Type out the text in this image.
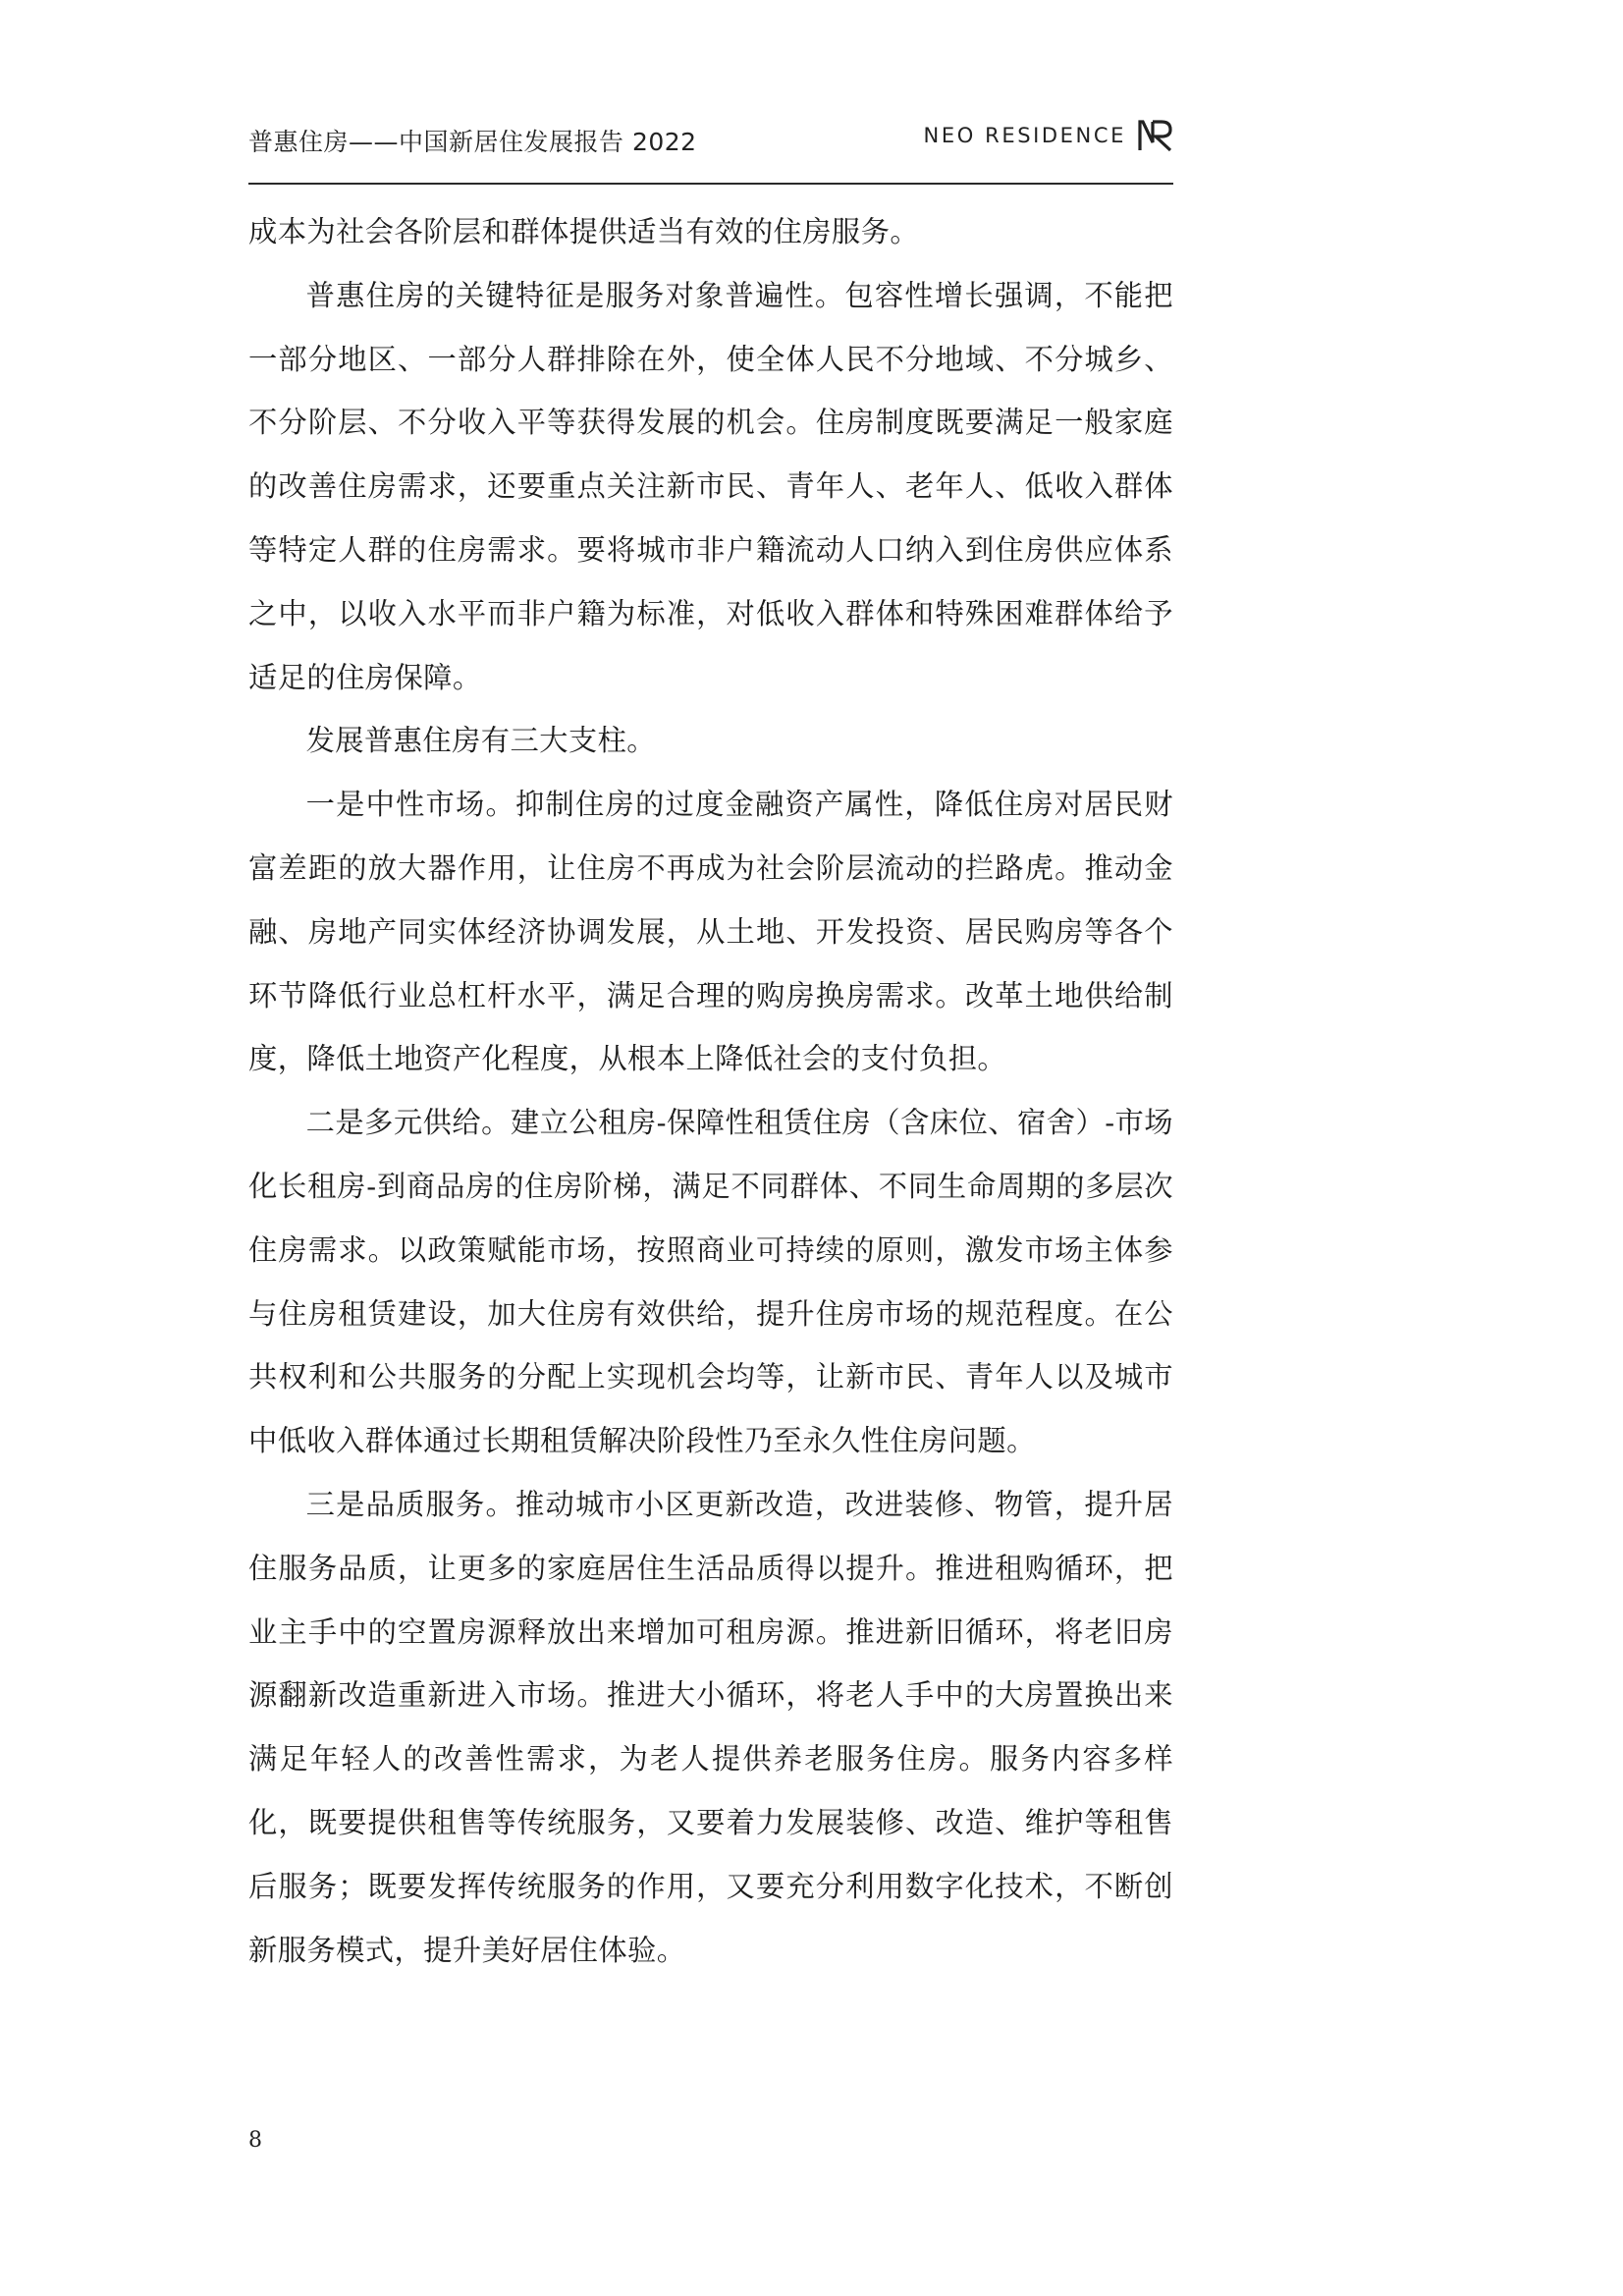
普惠住房——中国新居住发展报告 2022	NEO RESIDENCE

成本为社会各阶层和群体提供适当有效的住房服务。

普惠住房的关键特征是服务对象普遍性。包容性增长强调，不能把一部分地区、一部分人群排除在外，使全体人民不分地域、不分城乡、不分阶层、不分收入平等获得发展的机会。住房制度既要满足一般家庭的改善住房需求，还要重点关注新市民、青年人、老年人、低收入群体等特定人群的住房需求。要将城市非户籍流动人口纳入到住房供应体系之中，以收入水平而非户籍为标准，对低收入群体和特殊困难群体给予适足的住房保障。

发展普惠住房有三大支柱。

一是中性市场。抑制住房的过度金融资产属性，降低住房对居民财富差距的放大器作用，让住房不再成为社会阶层流动的拦路虎。推动金融、房地产同实体经济协调发展，从土地、开发投资、居民购房等各个环节降低行业总杠杆水平，满足合理的购房换房需求。改革土地供给制度，降低土地资产化程度，从根本上降低社会的支付负担。

二是多元供给。建立公租房-保障性租赁住房（含床位、宿舍）-市场化长租房-到商品房的住房阶梯，满足不同群体、不同生命周期的多层次住房需求。以政策赋能市场，按照商业可持续的原则，激发市场主体参与住房租赁建设，加大住房有效供给，提升住房市场的规范程度。在公共权利和公共服务的分配上实现机会均等，让新市民、青年人以及城市中低收入群体通过长期租赁解决阶段性乃至永久性住房问题。

三是品质服务。推动城市小区更新改造，改进装修、物管，提升居住服务品质，让更多的家庭居住生活品质得以提升。推进租购循环，把业主手中的空置房源释放出来增加可租房源。推进新旧循环，将老旧房源翻新改造重新进入市场。推进大小循环，将老人手中的大房置换出来满足年轻人的改善性需求，为老人提供养老服务住房。服务内容多样化，既要提供租售等传统服务，又要着力发展装修、改造、维护等租售后服务；既要发挥传统服务的作用，又要充分利用数字化技术，不断创新服务模式，提升美好居住体验。

8
